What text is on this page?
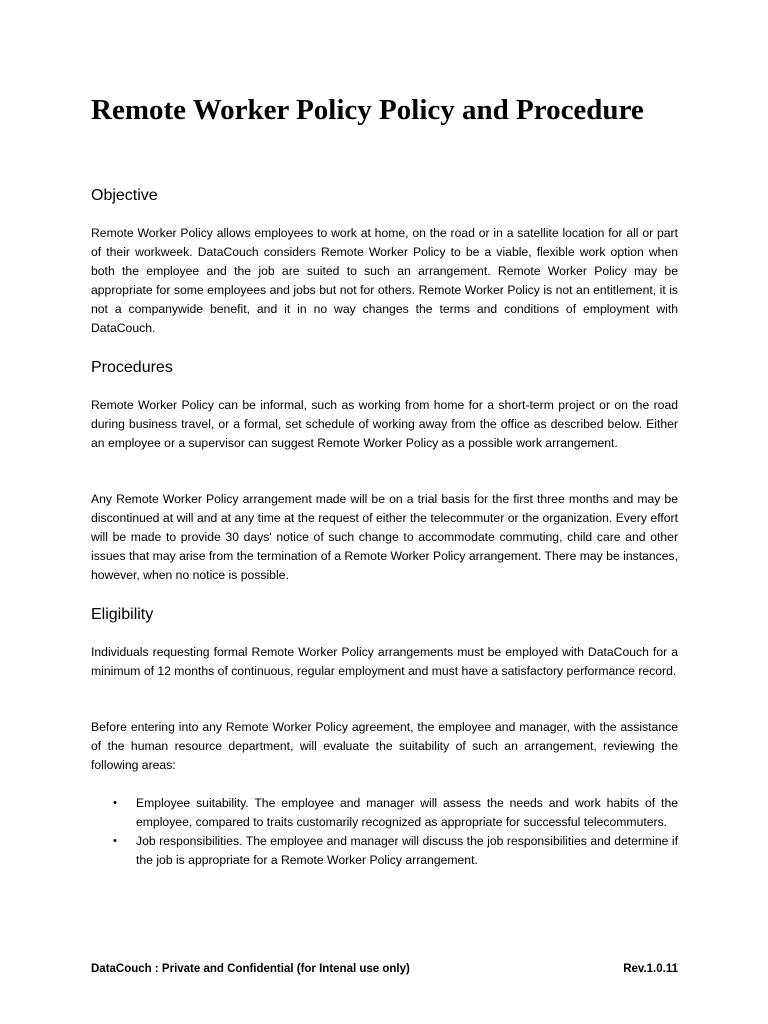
Remote Worker Policy Policy and Procedure
Objective

Remote Worker Policy allows employees to work at home, on the road or in a satellite location for all or part of their workweek. DataCouch considers Remote Worker Policy to be a viable, flexible work option when both the employee and the job are suited to such an arrangement. Remote Worker Policy may be appropriate for some employees and jobs but not for others. Remote Worker Policy is not an entitlement, it is not a companywide benefit, and it in no way changes the terms and conditions of employment with DataCouch.

Procedures

Remote Worker Policy can be informal, such as working from home for a short-term project or on the road during business travel, or a formal, set schedule of working away from the office as described below. Either an employee or a supervisor can suggest Remote Worker Policy as a possible work arrangement.

Any Remote Worker Policy arrangement made will be on a trial basis for the first three months and may be discontinued at will and at any time at the request of either the telecommuter or the organization. Every effort will be made to provide 30 days' notice of such change to accommodate commuting, child care and other issues that may arise from the termination of a Remote Worker Policy arrangement. There may be instances, however, when no notice is possible.

Eligibility

Individuals requesting formal Remote Worker Policy arrangements must be employed with DataCouch for a minimum of 12 months of continuous, regular employment and must have a satisfactory performance record.

Before entering into any Remote Worker Policy agreement, the employee and manager, with the assistance of the human resource department, will evaluate the suitability of such an arrangement, reviewing the following areas:

• Employee suitability. The employee and manager will assess the needs and work habits of the employee, compared to traits customarily recognized as appropriate for successful telecommuters.
• Job responsibilities. The employee and manager will discuss the job responsibilities and determine if the job is appropriate for a Remote Worker Policy arrangement.
DataCouch : Private and Confidential (for Intenal use only)	Rev.1.0.11
